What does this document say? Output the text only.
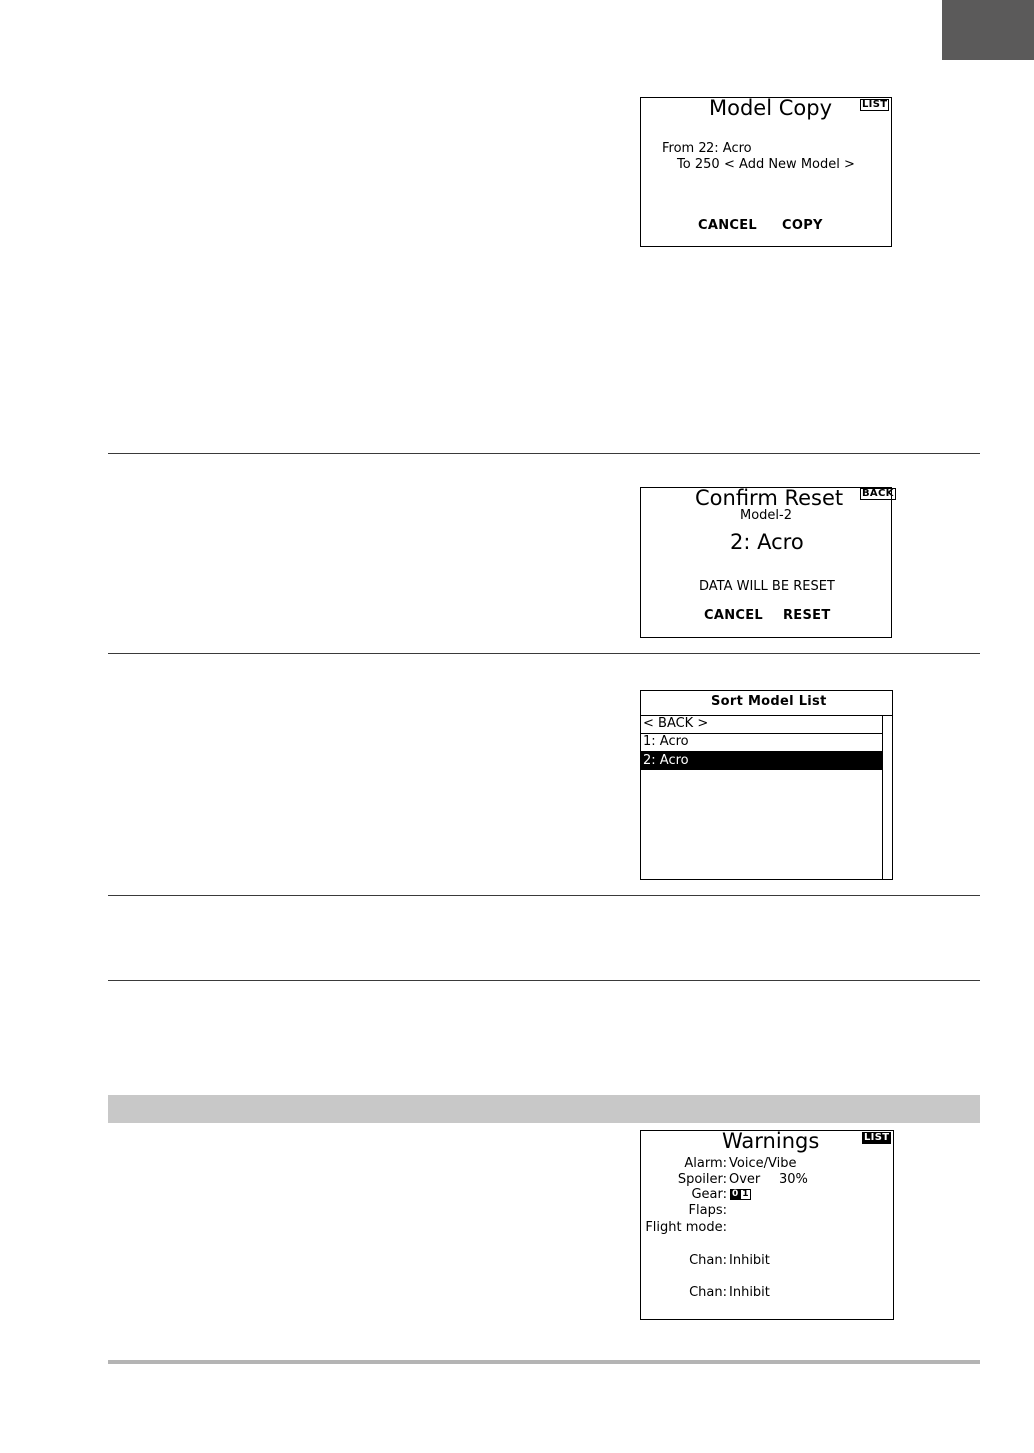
Model Copy	LIST
From 2 2: Acro
To 250 < Add New Model >
CANCEL COPY
Confirm Reset BACK
Model-2
2: Acro
DATA WILL BE RESET
CANCEL RESET
Sort Model List
< BACK >
1: Acro
2: Acro
Warnings	LIST
Alarm: Voice/Vibe
Spoiler: Over 30%
Gear: 0 1
Flaps:
Flight mode:
Chan: Inhibit
Chan: Inhibit
